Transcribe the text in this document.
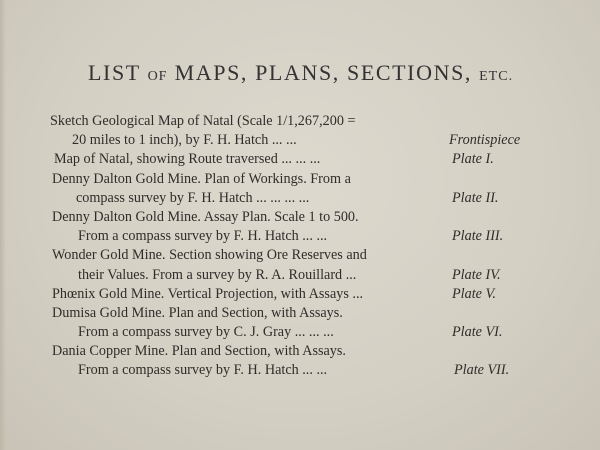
LIST OF MAPS, PLANS, SECTIONS, ETC.
Sketch Geological Map of Natal (Scale 1/1,267,200 =
20 miles to 1 inch), by F. H. Hatch ... ...	Frontispiece
Map of Natal, showing Route traversed ... ... ...	Plate I.
Denny Dalton Gold Mine. Plan of Workings. From a
compass survey by F. H. Hatch ... ... ... ...	Plate II.
Denny Dalton Gold Mine. Assay Plan. Scale 1 to 500.
From a compass survey by F. H. Hatch ... ...	Plate III.
Wonder Gold Mine. Section showing Ore Reserves and
their Values. From a survey by R. A. Rouillard ...	Plate IV.
Phœnix Gold Mine. Vertical Projection, with Assays ...	Plate V.
Dumisa Gold Mine. Plan and Section, with Assays.
From a compass survey by C. J. Gray ... ... ...	Plate VI.
Dania Copper Mine. Plan and Section, with Assays.
From a compass survey by F. H. Hatch ... ...	Plate VII.
